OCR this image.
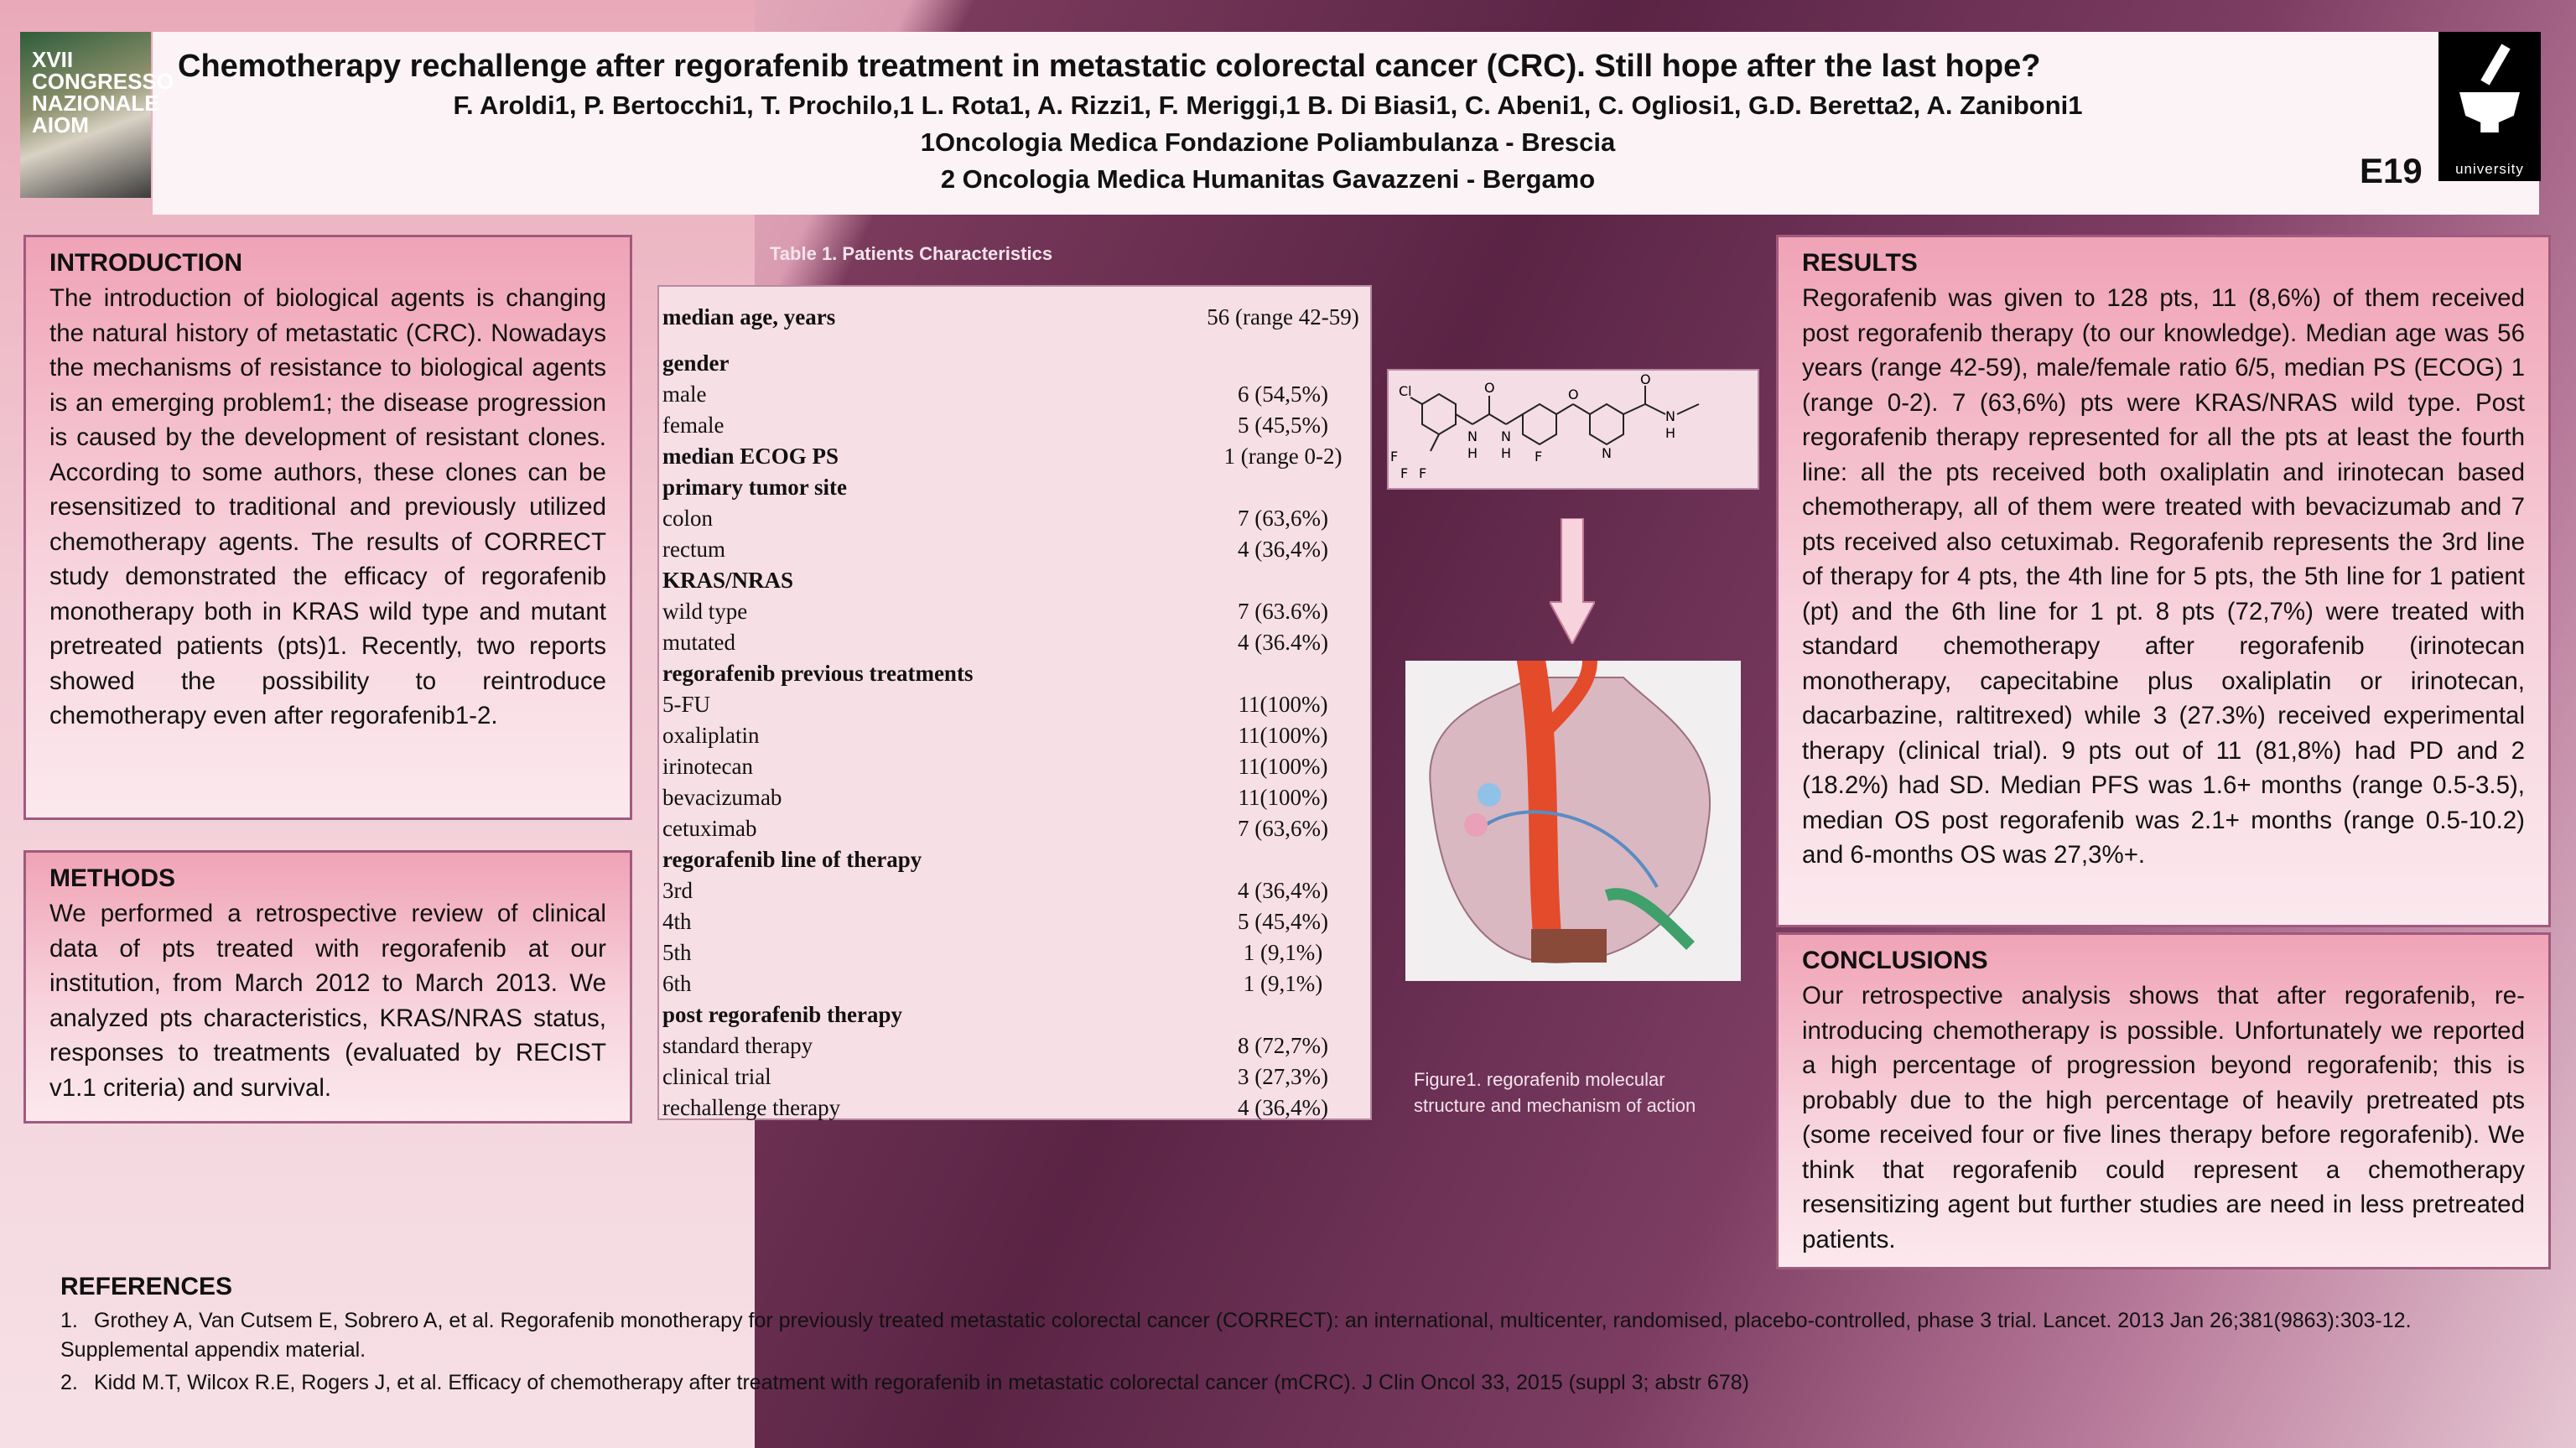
XVII CONGRESSO NAZIONALE AIOM
university
Chemotherapy rechallenge after regorafenib treatment in metastatic colorectal cancer (CRC). Still hope after the last hope?
F. Aroldi1, P. Bertocchi1, T. Prochilo,1 L. Rota1, A. Rizzi1, F. Meriggi,1 B. Di Biasi1, C. Abeni1, C. Ogliosi1, G.D. Beretta2, A. Zaniboni1
1Oncologia Medica Fondazione Poliambulanza - Brescia
2 Oncologia Medica Humanitas Gavazzeni - Bergamo	E19
INTRODUCTION

The introduction of biological agents is changing the natural history of metastatic (CRC). Nowadays the mechanisms of resistance to biological agents is an emerging problem1; the disease progression is caused by the development of resistant clones. According to some authors, these clones can be resensitized to traditional and previously utilized chemotherapy agents. The results of CORRECT study demonstrated the efficacy of regorafenib monotherapy both in KRAS wild type and mutant pretreated patients (pts)1. Recently, two reports showed the possibility to reintroduce chemotherapy even after regorafenib1-2.

METHODS

We performed a retrospective review of clinical data of pts treated with regorafenib at our institution, from March 2012 to March 2013. We analyzed pts characteristics, KRAS/NRAS status, responses to treatments (evaluated by RECIST v1.1 criteria) and survival.

Table 1. Patients Characteristics
median age, years	56 (range 42-59)
gender	
male	6 (54,5%)
female	5 (45,5%)
median ECOG PS	1 (range 0-2)
primary tumor site	
colon	7 (63,6%)
rectum	4 (36,4%)
KRAS/NRAS	
wild type	7 (63.6%)
mutated	4 (36.4%)
regorafenib previous treatments	
5-FU	11(100%)
oxaliplatin	11(100%)
irinotecan	11(100%)
bevacizumab	11(100%)
cetuximab	7 (63,6%)
regorafenib line of therapy	
3rd	4 (36,4%)
4th	5 (45,4%)
5th	1 (9,1%)
6th	1 (9,1%)
post regorafenib therapy	
standard therapy	8 (72,7%)
clinical trial	3 (27,3%)
rechallenge therapy	4 (36,4%)
Cl
F
F F
O
N N
H H F
O
N
O
N
H
Figure1. regorafenib molecular
structure and mechanism of action
RESULTS

Regorafenib was given to 128 pts, 11 (8,6%) of them received post regorafenib therapy (to our knowledge). Median age was 56 years (range 42-59), male/female ratio 6/5, median PS (ECOG) 1 (range 0-2). 7 (63,6%) pts were KRAS/NRAS wild type. Post regorafenib therapy represented for all the pts at least the fourth line: all the pts received both oxaliplatin and irinotecan based chemotherapy, all of them were treated with bevacizumab and 7 pts received also cetuximab. Regorafenib represents the 3rd line of therapy for 4 pts, the 4th line for 5 pts, the 5th line for 1 patient (pt) and the 6th line for 1 pt. 8 pts (72,7%) were treated with standard chemotherapy after regorafenib (irinotecan monotherapy, capecitabine plus oxaliplatin or irinotecan, dacarbazine, raltitrexed) while 3 (27.3%) received experimental therapy (clinical trial). 9 pts out of 11 (81,8%) had PD and 2 (18.2%) had SD. Median PFS was 1.6+ months (range 0.5-3.5), median OS post regorafenib was 2.1+ months (range 0.5-10.2) and 6-months OS was 27,3%+.

CONCLUSIONS

Our retrospective analysis shows that after regorafenib, re-introducing chemotherapy is possible. Unfortunately we reported a high percentage of progression beyond regorafenib; this is probably due to the high percentage of heavily pretreated pts (some received four or five lines therapy before regorafenib). We think that regorafenib could represent a chemotherapy resensitizing agent but further studies are need in less pretreated patients.

REFERENCES
1. Grothey A, Van Cutsem E, Sobrero A, et al. Regorafenib monotherapy for previously treated metastatic colorectal cancer (CORRECT): an international, multicenter, randomised, placebo-controlled, phase 3 trial. Lancet. 2013 Jan 26;381(9863):303-12. Supplemental appendix material.
2. Kidd M.T, Wilcox R.E, Rogers J, et al. Efficacy of chemotherapy after treatment with regorafenib in metastatic colorectal cancer (mCRC). J Clin Oncol 33, 2015 (suppl 3; abstr 678)
